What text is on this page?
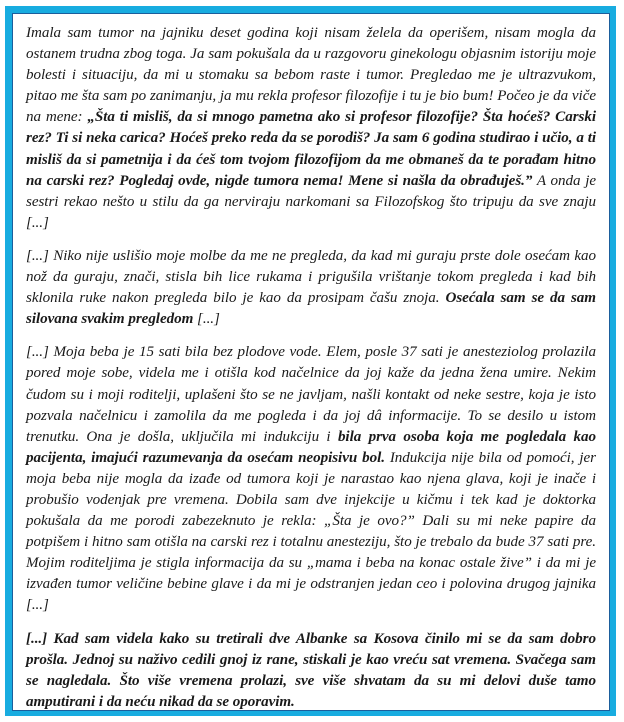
Imala sam tumor na jajniku deset godina koji nisam želela da operišem, nisam mogla da ostanem trudna zbog toga. Ja sam pokušala da u razgovoru ginekologu objasnim istoriju moje bolesti i situaciju, da mi u stomaku sa bebom raste i tumor. Pregledao me je ultrazvukom, pitao me šta sam po zanimanju, ja mu rekla profesor filozofije i tu je bio bum! Počeo je da viče na mene: „Šta ti misliš, da si mnogo pametna ako si profesor filozofije? Šta hoćeš? Carski rez? Ti si neka carica? Hoćeš preko reda da se porodiš? Ja sam 6 godina studirao i učio, a ti misliš da si pametnija i da ćeš tom tvojom filozofijom da me obmaneš da te porađam hitno na carski rez? Pogledaj ovde, nigde tumora nema! Mene si našla da obrađuješ.” A onda je sestri rekao nešto u stilu da ga nerviraju narkomani sa Filozofskog što tripuju da sve znaju [...]

[...] Niko nije uslišio moje molbe da me ne pregleda, da kad mi guraju prste dole osećam kao nož da guraju, znači, stisla bih lice rukama i prigušila vrištanje tokom pregleda i kad bih sklonila ruke nakon pregleda bilo je kao da prosipam čašu znoja. Osećala sam se da sam silovana svakim pregledom [...]

[...] Moja beba je 15 sati bila bez plodove vode. Elem, posle 37 sati je anesteziolog prolazila pored moje sobe, videla me i otišla kod načelnice da joj kaže da jedna žena umire. Nekim čudom su i moji roditelji, uplašeni što se ne javljam, našli kontakt od neke sestre, koja je isto pozvala načelnicu i zamolila da me pogleda i da joj dâ informacije. To se desilo u istom trenutku. Ona je došla, uključila mi indukciju i bila prva osoba koja me pogledala kao pacijenta, imajući razumevanja da osećam neopisivu bol. Indukcija nije bila od pomoći, jer moja beba nije mogla da izađe od tumora koji je narastao kao njena glava, koji je inače i probušio vodenjak pre vremena. Dobila sam dve injekcije u kičmu i tek kad je doktorka pokušala da me porodi zabezeknuto je rekla: „Šta je ovo?” Dali su mi neke papire da potpišem i hitno sam otišla na carski rez i totalnu anesteziju, što je trebalo da bude 37 sati pre. Mojim roditeljima je stigla informacija da su „mama i beba na konac ostale žive” i da mi je izvađen tumor veličine bebine glave i da mi je odstranjen jedan ceo i polovina drugog jajnika [...]

[...] Kad sam videla kako su tretirali dve Albanke sa Kosova činilo mi se da sam dobro prošla. Jednoj su naživo cedili gnoj iz rane, stiskali je kao vreću sat vremena. Svačega sam se nagledala. Što više vremena prolazi, sve više shvatam da su mi delovi duše tamo amputirani i da neću nikad da se oporavim.
